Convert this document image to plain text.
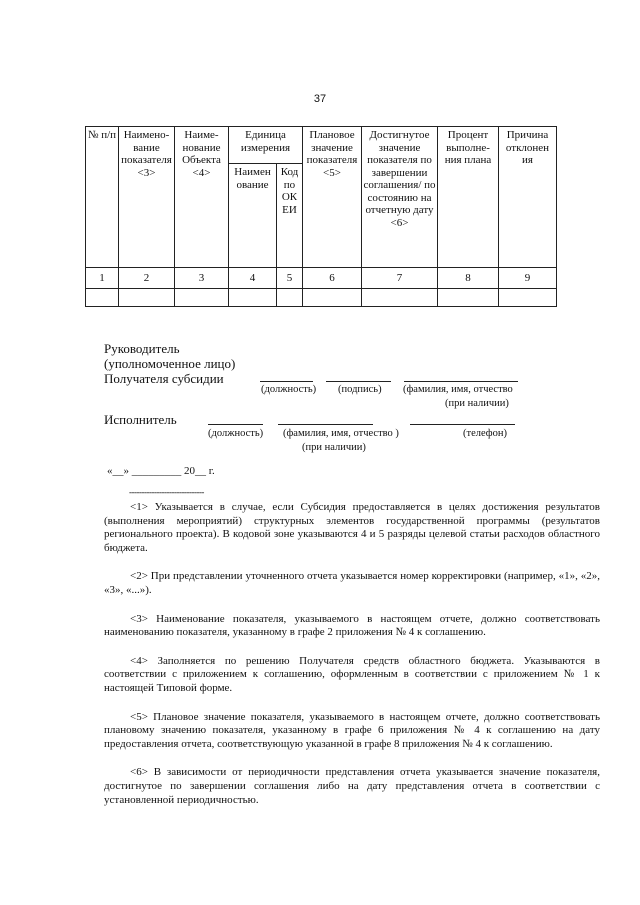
37
№ п/п	Наимено- вание показателя <3>	Наиме- нование Объекта <4>	Единица измерения		Плановое значение показателя <5>	Достигнутое значение показателя по завершении соглашения/ по состоянию на отчетную дату <6>	Процент выполне- ния плана	Причина отклонен ия
			Наимен ование	Код по ОК ЕИ				
1	2	3	4	5	6	7	8	9

Руководитель
(уполномоченное лицо)
Получателя субсидии
(должность) (подпись) (фамилия, имя, отчество
(при наличии)
Исполнитель
(должность) (фамилия, имя, отчество )
(при наличии)
(телефон)
«__» _________ 20__ г.
------------------------------

<1> Указывается в случае, если Субсидия предоставляется в целях достижения результатов (выполнения мероприятий) структурных элементов государственной программы (результатов регионального проекта). В кодовой зоне указываются 4 и 5 разряды целевой статьи расходов областного бюджета.

<2> При представлении уточненного отчета указывается номер корректировки (например, «1», «2», «3», «...»).

<3> Наименование показателя, указываемого в настоящем отчете, должно соответствовать наименованию показателя, указанному в графе 2 приложения № 4 к соглашению.

<4> Заполняется по решению Получателя средств областного бюджета. Указываются в соответствии с приложением к соглашению, оформленным в соответствии с приложением № 1 к настоящей Типовой форме.

<5> Плановое значение показателя, указываемого в настоящем отчете, должно соответствовать плановому значению показателя, указанному в графе 6 приложения № 4 к соглашению на дату предоставления отчета, соответствующую указанной в графе 8 приложения № 4 к соглашению.

<6> В зависимости от периодичности представления отчета указывается значение показателя, достигнутое по завершении соглашения либо на дату представления отчета в соответствии с установленной периодичностью.
